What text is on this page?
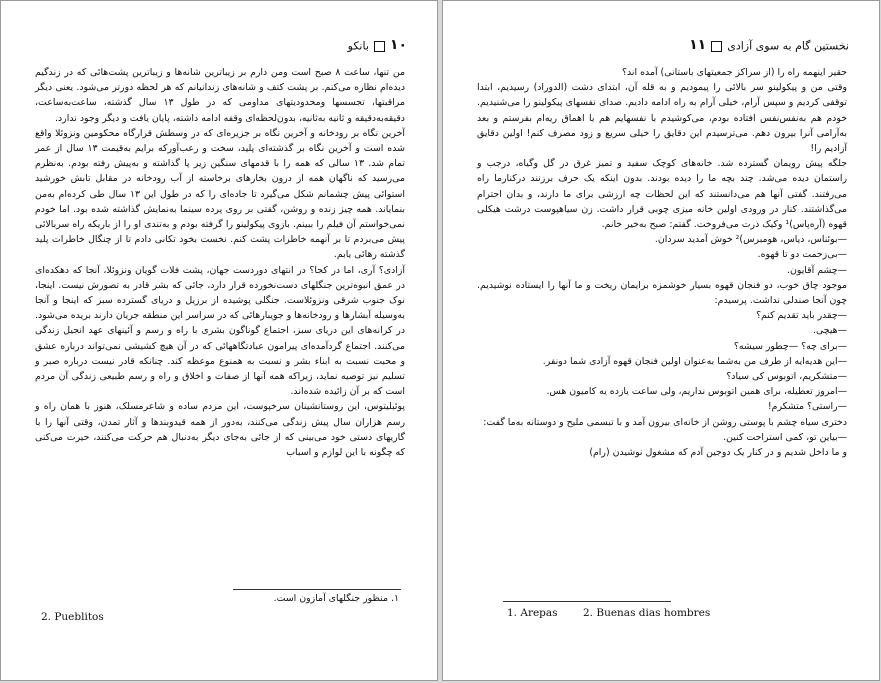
۱۰بانکو

من تنها، ساعت ۸ صبح است ومن دارم بر زیباترین شانه‌ها و زیباترین پشت‌هائی که در زندگیم دیده‌ام نظاره می‌کنم. بر پشت کتف و شانه‌های زندانیانم که هر لحظه دورتر می‌شود. یعنی دیگر مراقبتها، تجسسها ومحدودیتهای مداومی که در طول ۱۳ سال گذشته، ساعت‌به‌ساعت، دقیقه‌به‌دقیقه و ثانیه به‌ثانیه، بدون‌لحظه‌ای وقفه ادامه داشته، پایان یافت و دیگر وجود ندارد.

آخرین نگاه بر رودخانه و آخرین نگاه بر جزیره‌ای که در وسطش قرارگاه محکومین ونزوئلا واقع شده است و آخرین نگاه بر گذشته‌ای پلید، سخت و رعب‌آورکه برایم به‌قیمت ۱۳ سال از عمر تمام شد. ۱۳ سالی که همه را با قدمهای سنگین زیر پا گذاشته و به‌پیش رفته بودم. به‌نظرم می‌رسید که ناگهان همه از درون بخارهای برخاسته از آب رودخانه در مقابل تابش خورشید استوائی پیش چشمانم شکل می‌گیرد تا جاده‌ای را که در طول این ۱۳ سال طی کرده‌ام به‌من بنمایاند. همه چیز زنده و روشن، گفتی بر روی پرده سینما به‌نمایش گذاشته شده بود. اما خودم نمی‌خواستم آن فیلم را ببینم. بازوی پیکولینو را گرفته بودم و به‌تندی او را از باریکه راه سربالائی پیش می‌بردم تا بر آنهمه خاطرات پشت کنم. نخست بخود تکانی دادم تا از چنگال خاطرات پلید گذشته رهائی یابم.

آزادی؟ آری، اما در کجا؟ در انتهای دوردست جهان، پشت فلات گویان ونزوئلا، آنجا که دهکده‌ای در عمق انبوه‌ترین جنگلهای دست‌نخورده قرار دارد، جائی که بشر قادر به تصورش نیست. اینجا، نوک جنوب شرقی ونزوئلاست. جنگلی پوشیده از برزیل و دریای گسترده سبز که اینجا و آنجا به‌وسیله آبشارها و رودخانه‌ها و جویبارهائی که در سراسر این منطقه جریان دارند بریده می‌شود. در کرانه‌های این دریای سبز، اجتماع گونا‌گون بشری با راه و رسم و آئینهای عهد انجیل زندگی می‌کنند. اجتماع گردآمده‌ای پیرامون عبادتگاههائی که در آن هیچ کشیشی نمی‌تواند درباره عشق و محبت نسبت به ابناء بشر و نسبت به همنوع موعظه کند. چنانکه قادر نیست درباره صبر و تسلیم نیز توصیه نماید، زیراکه همه آنها از صفات و اخلاق و راه و رسم طبیعی زندگی آن مردم است که بر آن زائیده شده‌اند.

پوئبلیتوس، این روستانشینان سرخپوست، این مردم ساده و شاعرمسلک، هنوز با همان راه و رسم هزاران سال پیش زندگی می‌کنند، به‌دور از همه قیدوبندها و آثار تمدن، وقتی آنها را با گاریهای دستی خود می‌بینی که از جائی به‌جای دیگر به‌دنبال هم حرکت می‌کنند، حیرت می‌کنی که چگونه با این لوازم و اسباب

۱. منظور جنگلهای آمازون است.
2. Pueblitos
نخستین گام به سوی آزادی۱۱

حقیر اینهمه راه را (از سراکز جمعیتهای باستانی) آمده اند؟

وقتی من و پیکولینو سر بالائی را پیمودیم و به قله آن، ابتدای دشت (الدوراد) رسیدیم، ابتدا توقفی کردیم و سپس آرام، خیلی آرام به راه ادامه دادیم. صدای نفسهای پیکولینو را می‌شنیدیم. خودم هم به‌نفس‌نفس افتاده بودم، می‌کوشیدم با نفسهایم هم با اهماق ریه‌ام بفرستم و بعد به‌آرامی آنرا بیرون دهم. می‌ترسیدم این دقایق را خیلی سریع و زود مصرف کنم! اولین دقایق آزادیم را!

جلگه پیش رویمان گسترده شد. خانه‌های کوچک سفید و تمیز غرق در گل وگیاه، درجب و راستمان دیده می‌شد. چند بچه ما را دیده بودند. بدون اینکه یک حرف برزنند درکنارما راه می‌رفتند. گفتی آنها هم می‌دانستند که این لحظات چه ارزشی برای ما دارند، و بدان احترام می‌گذاشتند. کنار در ورودی اولین خانه میزی چوبی قرار داشت. زن سیاهپوست درشت هیکلی قهوه (آره‌پاس)¹ وکیک ذرت می‌فروخت. گفتم: صبح به‌خیر خانم.

—بوئناس، دیاس، هومبرس)² خوش آمدید سردان.

—بی‌زحمت دو تا قهوه.

—چشم آقایون.

موجود چاق خوب، دو فنجان قهوه بسیار خوشمزه برایمان ریخت و ما آنها را ایستاده نوشیدیم. چون آنجا صندلی نداشت. پرسیدم:

—چقدر باید تقدیم کنم؟

—هیچی.

—برای چه؟ —چطور سیشه؟

—این هدیه‌ایه از طرف من به‌شما به‌عنوان اولین فنجان قهوه آزادی شما دونفر.

—متشکریم، اتوبوس کی سیاد؟

—امروز تعطیله، برای همین اتوبوس نداریم، ولی ساعت یازده یه کامیون هس.

—راستی؟ متشکرم!

دختری سیاه چشم با پوستی روشن از خانه‌ای بیرون آمد و با تبسمی ملیح و دوستانه به‌ما گفت:

—بیاین تو، کمی استراحت کنین.

و ما داخل شدیم و در کنار یک دوجین آدم که مشغول نوشیدن (رام)

1. Arepas 2. Buenas dias hombres
